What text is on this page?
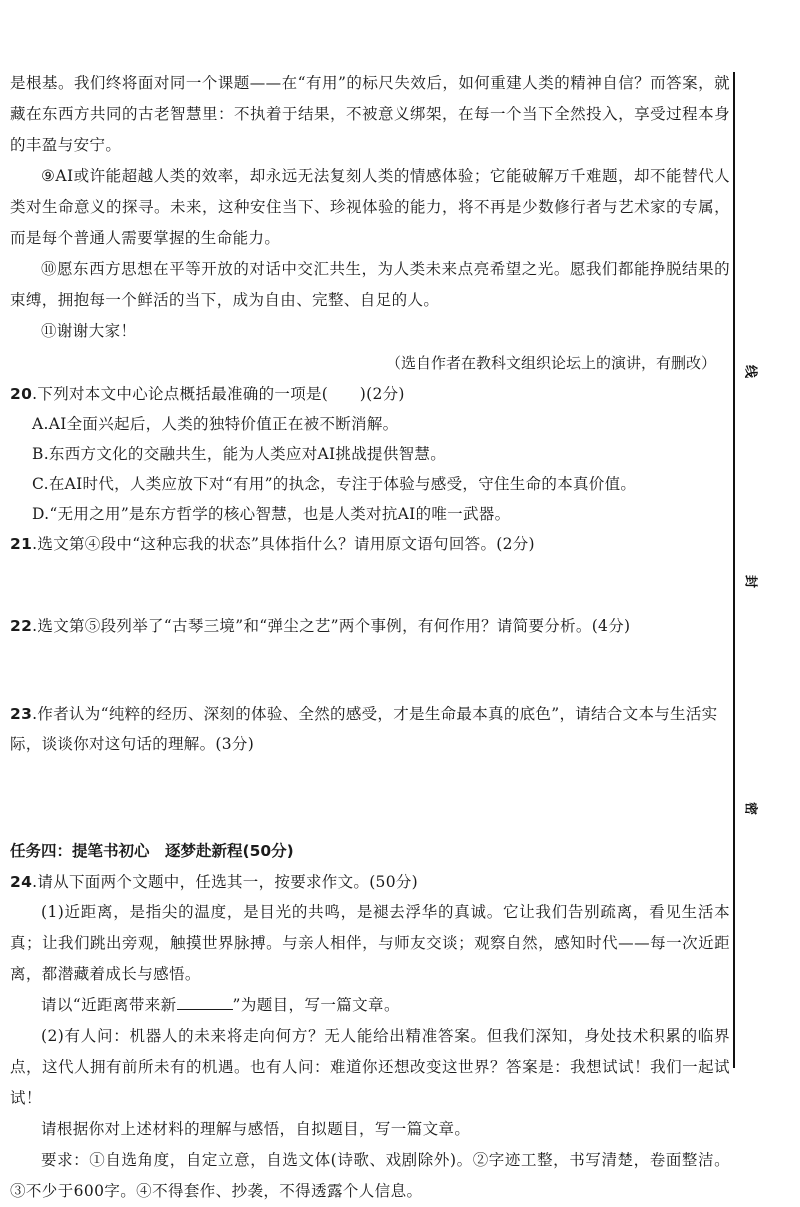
是根基。我们终将面对同一个课题——在“有用”的标尺失效后，如何重建人类的精神自信？而答案，就藏在东西方共同的古老智慧里：不执着于结果，不被意义绑架，在每一个当下全然投入，享受过程本身的丰盈与安宁。

⑨AI或许能超越人类的效率，却永远无法复刻人类的情感体验；它能破解万千难题，却不能替代人类对生命意义的探寻。未来，这种安住当下、珍视体验的能力，将不再是少数修行者与艺术家的专属，而是每个普通人需要掌握的生命能力。

⑩愿东西方思想在平等开放的对话中交汇共生，为人类未来点亮希望之光。愿我们都能挣脱结果的束缚，拥抱每一个鲜活的当下，成为自由、完整、自足的人。

⑪谢谢大家！

（选自作者在教科文组织论坛上的演讲，有删改）

20.下列对本文中心论点概括最准确的一项是(　　)(2分)

A.AI全面兴起后，人类的独特价值正在被不断消解。

B.东西方文化的交融共生，能为人类应对AI挑战提供智慧。

C.在AI时代，人类应放下对“有用”的执念，专注于体验与感受，守住生命的本真价值。

D.“无用之用”是东方哲学的核心智慧，也是人类对抗AI的唯一武器。

21.选文第④段中“这种忘我的状态”具体指什么？请用原文语句回答。(2分)

22.选文第⑤段列举了“古琴三境”和“弹尘之艺”两个事例，有何作用？请简要分析。(4分)

23.作者认为“纯粹的经历、深刻的体验、全然的感受，才是生命最本真的底色”，请结合文本与生活实际，谈谈你对这句话的理解。(3分)

任务四：提笔书初心　逐梦赴新程(50分)

24.请从下面两个文题中，任选其一，按要求作文。(50分)

(1)近距离，是指尖的温度，是目光的共鸣，是褪去浮华的真诚。它让我们告别疏离，看见生活本真；让我们跳出旁观，触摸世界脉搏。与亲人相伴，与师友交谈；观察自然，感知时代——每一次近距离，都潜藏着成长与感悟。

请以“近距离带来新	”为题目，写一篇文章。

(2)有人问：机器人的未来将走向何方？无人能给出精准答案。但我们深知，身处技术积累的临界点，这代人拥有前所未有的机遇。也有人问：难道你还想改变这世界？答案是：我想试试！我们一起试试！

请根据你对上述材料的理解与感悟，自拟题目，写一篇文章。

要求：①自选角度，自定立意，自选文体(诗歌、戏剧除外)。②字迹工整，书写清楚，卷面整洁。③不少于600字。④不得套作、抄袭，不得透露个人信息。

线
封
密
